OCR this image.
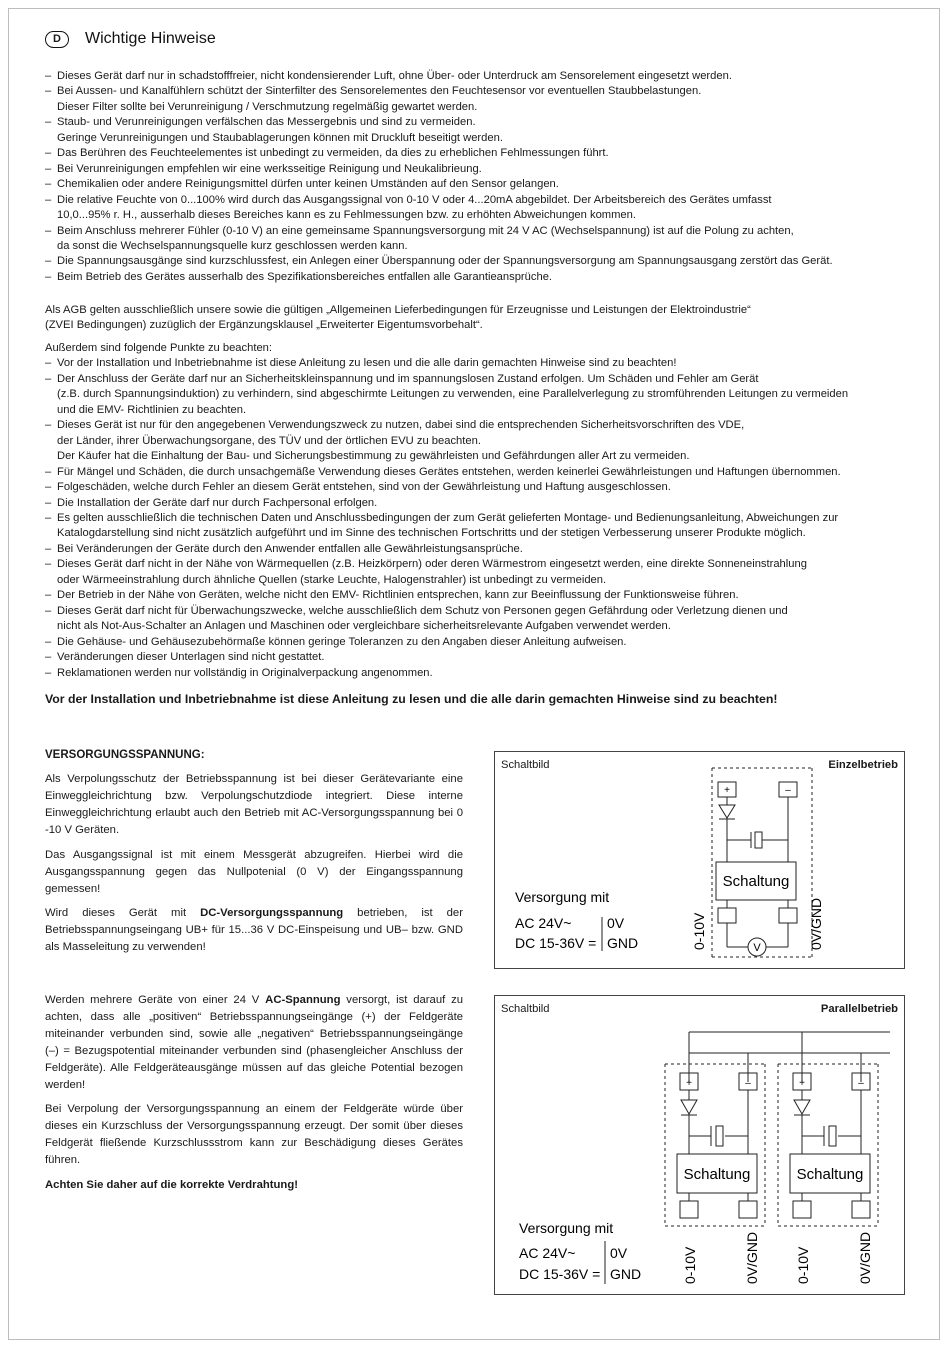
D	Wichtige Hinweise
– Dieses Gerät darf nur in schadstofffreier, nicht kondensierender Luft, ohne Über- oder Unterdruck am Sensorelement eingesetzt werden.
– Bei Aussen- und Kanalfühlern schützt der Sinterfilter des Sensorelementes den Feuchtesensor vor eventuellen Staubbelastungen.
Dieser Filter sollte bei Verunreinigung / Verschmutzung regelmäßig gewartet werden.
– Staub- und Verunreinigungen verfälschen das Messergebnis und sind zu vermeiden.
Geringe Verunreinigungen und Staubablagerungen können mit Druckluft beseitigt werden.
– Das Berühren des Feuchteelementes ist unbedingt zu vermeiden, da dies zu erheblichen Fehlmessungen führt.
– Bei Verunreinigungen empfehlen wir eine werksseitige Reinigung und Neukalibrieung.
– Chemikalien oder andere Reinigungsmittel dürfen unter keinen Umständen auf den Sensor gelangen.
– Die relative Feuchte von 0...100% wird durch das Ausgangssignal von 0-10 V oder 4...20mA abgebildet. Der Arbeitsbereich des Gerätes umfasst
10,0...95% r. H., ausserhalb dieses Bereiches kann es zu Fehlmessungen bzw. zu erhöhten Abweichungen kommen.
– Beim Anschluss mehrerer Fühler (0-10 V) an eine gemeinsame Spannungsversorgung mit 24 V AC (Wechselspannung) ist auf die Polung zu achten,
da sonst die Wechselspannungsquelle kurz geschlossen werden kann.
– Die Spannungsausgänge sind kurzschlussfest, ein Anlegen einer Überspannung oder der Spannungsversorgung am Spannungsausgang zerstört das Gerät.
– Beim Betrieb des Gerätes ausserhalb des Spezifikationsbereiches entfallen alle Garantieansprüche.
Als AGB gelten ausschließlich unsere sowie die gültigen „Allgemeinen Lieferbedingungen für Erzeugnisse und Leistungen der Elektroindustrie“
(ZVEI Bedingungen) zuzüglich der Ergänzungsklausel „Erweiterter Eigentumsvorbehalt“.
Außerdem sind folgende Punkte zu beachten:
– Vor der Installation und Inbetriebnahme ist diese Anleitung zu lesen und die alle darin gemachten Hinweise sind zu beachten!
– Der Anschluss der Geräte darf nur an Sicherheitskleinspannung und im spannungslosen Zustand erfolgen. Um Schäden und Fehler am Gerät
(z.B. durch Spannungsinduktion) zu verhindern, sind abgeschirmte Leitungen zu verwenden, eine Parallelverlegung zu stromführenden Leitungen zu vermeiden
und die EMV- Richtlinien zu beachten.
– Dieses Gerät ist nur für den angegebenen Verwendungszweck zu nutzen, dabei sind die entsprechenden Sicherheitsvorschriften des VDE,
der Länder, ihrer Überwachungsorgane, des TÜV und der örtlichen EVU zu beachten.
Der Käufer hat die Einhaltung der Bau- und Sicherungsbestimmung zu gewährleisten und Gefährdungen aller Art zu vermeiden.
– Für Mängel und Schäden, die durch unsachgemäße Verwendung dieses Gerätes entstehen, werden keinerlei Gewährleistungen und Haftungen übernommen.
– Folgeschäden, welche durch Fehler an diesem Gerät entstehen, sind von der Gewährleistung und Haftung ausgeschlossen.
– Die Installation der Geräte darf nur durch Fachpersonal erfolgen.
– Es gelten ausschließlich die technischen Daten und Anschlussbedingungen der zum Gerät gelieferten Montage- und Bedienungsanleitung, Abweichungen zur
Katalogdarstellung sind nicht zusätzlich aufgeführt und im Sinne des technischen Fortschritts und der stetigen Verbesserung unserer Produkte möglich.
– Bei Veränderungen der Geräte durch den Anwender entfallen alle Gewährleistungsansprüche.
– Dieses Gerät darf nicht in der Nähe von Wärmequellen (z.B. Heizkörpern) oder deren Wärmestrom eingesetzt werden, eine direkte Sonneneinstrahlung
oder Wärmeeinstrahlung durch ähnliche Quellen (starke Leuchte, Halogenstrahler) ist unbedingt zu vermeiden.
– Der Betrieb in der Nähe von Geräten, welche nicht den EMV- Richtlinien entsprechen, kann zur Beeinflussung der Funktionsweise führen.
– Dieses Gerät darf nicht für Überwachungszwecke, welche ausschließlich dem Schutz von Personen gegen Gefährdung oder Verletzung dienen und
nicht als Not-Aus-Schalter an Anlagen und Maschinen oder vergleichbare sicherheitsrelevante Aufgaben verwendet werden.
– Die Gehäuse- und Gehäusezubehörmaße können geringe Toleranzen zu den Angaben dieser Anleitung aufweisen.
– Veränderungen dieser Unterlagen sind nicht gestattet.
– Reklamationen werden nur vollständig in Originalverpackung angenommen.
Vor der Installation und Inbetriebnahme ist diese Anleitung zu lesen und die alle darin gemachten Hinweise sind zu beachten!
VERSORGUNGSSPANNUNG:
Als Verpolungsschutz der Betriebsspannung ist bei dieser Gerätevariante eine Einweggleichrichtung bzw. Verpolungschutzdiode integriert. Diese interne Einweggleichrichtung erlaubt auch den Betrieb mit AC-Versorgungsspannung bei 0 -10 V Geräten.
Das Ausgangssignal ist mit einem Messgerät abzugreifen. Hierbei wird die Ausgangsspannung gegen das Nullpotenial (0 V) der Eingangsspannung gemessen!
Wird dieses Gerät mit DC-Versorgungsspannung betrieben, ist der Betriebsspannungseingang UB+ für 15...36 V DC-Einspeisung und UB– bzw. GND als Masseleitung zu verwenden!
Werden mehrere Geräte von einer 24 V AC-Spannung versorgt, ist darauf zu achten, dass alle „positiven“ Betriebsspannungseingänge (+) der Feldgeräte miteinander verbunden sind, sowie alle „negativen“ Betriebsspannungseingänge (–) = Bezugspotential miteinander verbunden sind (phasengleicher Anschluss der Feldgeräte). Alle Feldgeräteausgänge müssen auf das gleiche Potential bezogen werden!
Bei Verpolung der Versorgungsspannung an einem der Feldgeräte würde über dieses ein Kurzschluss der Versorgungsspannung erzeugt. Der somit über dieses Feldgerät fließende Kurzschlussstrom kann zur Beschädigung dieses Gerätes führen.
Achten Sie daher auf die korrekte Verdrahtung!
+	–
Schaltung
V
0-10V	0V/GND
Versorgung mit
AC 24V~
DC 15-36V =
0V
GND
Schaltbild	Einzelbetrieb
+	–	+	–
Schaltung	Schaltung
0-10V	0V/GND	0-10V	0V/GND
Versorgung mit
AC 24V~
DC 15-36V =
0V
GND
Schaltbild	Parallelbetrieb
